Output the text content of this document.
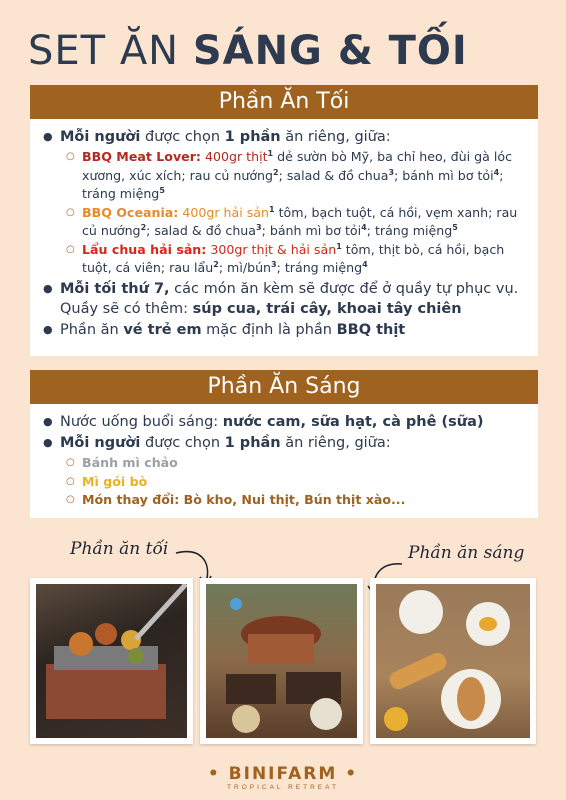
SET ĂN SÁNG & TỐI
Phần Ăn Tối
● Mỗi người được chọn 1 phần ăn riêng, giữa:
○ BBQ Meat Lover: 400gr thịt$^1$ dẻ sườn bò Mỹ, ba chỉ heo, đùi gà lóc xương, xúc xích; rau củ nướng$^2$; salad & đồ chua$^3$; bánh mì bơ tỏi$^4$; tráng miệng$^5$
○ BBQ Oceania: 400gr hải sản$^1$ tôm, bạch tuột, cá hồi, vẹm xanh; rau củ nướng$^2$; salad & đồ chua$^3$; bánh mì bơ tỏi$^4$; tráng miệng$^5$
○ Lẩu chua hải sản: 300gr thịt & hải sản$^1$ tôm, thịt bò, cá hồi, bạch tuột, cá viên; rau lẩu$^2$; mì/bún$^3$; tráng miệng$^4$
● Mỗi tối thứ 7, các món ăn kèm sẽ được để ở quầy tự phục vụ. Quầy sẽ có thêm: súp cua, trái cây, khoai tây chiên
● Phần ăn vé trẻ em mặc định là phần BBQ thịt
Phần Ăn Sáng
● Nước uống buổi sáng: nước cam, sữa hạt, cà phê (sữa)
● Mỗi người được chọn 1 phần ăn riêng, giữa:
○ Bánh mì chảo
○ Mì gói bò
○ Món thay đổi: Bò kho, Nui thịt, Bún thịt xào...
Phần ăn tối	Phần ăn sáng
• BINIFARM •
TROPICAL RETREAT
